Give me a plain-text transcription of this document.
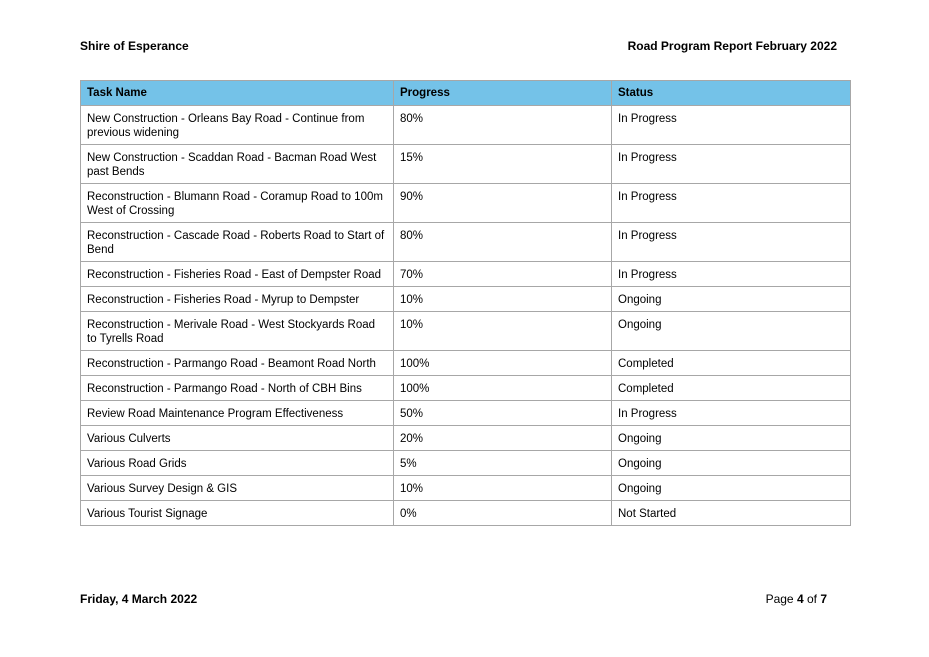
Shire of Esperance	Road Program Report February 2022
Task Name	Progress	Status
New Construction - Orleans Bay Road - Continue from previous widening	80%	In Progress
New Construction - Scaddan Road - Bacman Road West past Bends	15%	In Progress
Reconstruction - Blumann Road - Coramup Road to 100m West of Crossing	90%	In Progress
Reconstruction - Cascade Road - Roberts Road to Start of Bend	80%	In Progress
Reconstruction - Fisheries Road - East of Dempster Road	70%	In Progress
Reconstruction - Fisheries Road - Myrup to Dempster	10%	Ongoing
Reconstruction - Merivale Road - West Stockyards Road to Tyrells Road	10%	Ongoing
Reconstruction - Parmango Road - Beamont Road North	100%	Completed
Reconstruction - Parmango Road - North of CBH Bins	100%	Completed
Review Road Maintenance Program Effectiveness	50%	In Progress
Various Culverts	20%	Ongoing
Various Road Grids	5%	Ongoing
Various Survey Design & GIS	10%	Ongoing
Various Tourist Signage	0%	Not Started
Friday, 4 March 2022	Page 4 of 7
